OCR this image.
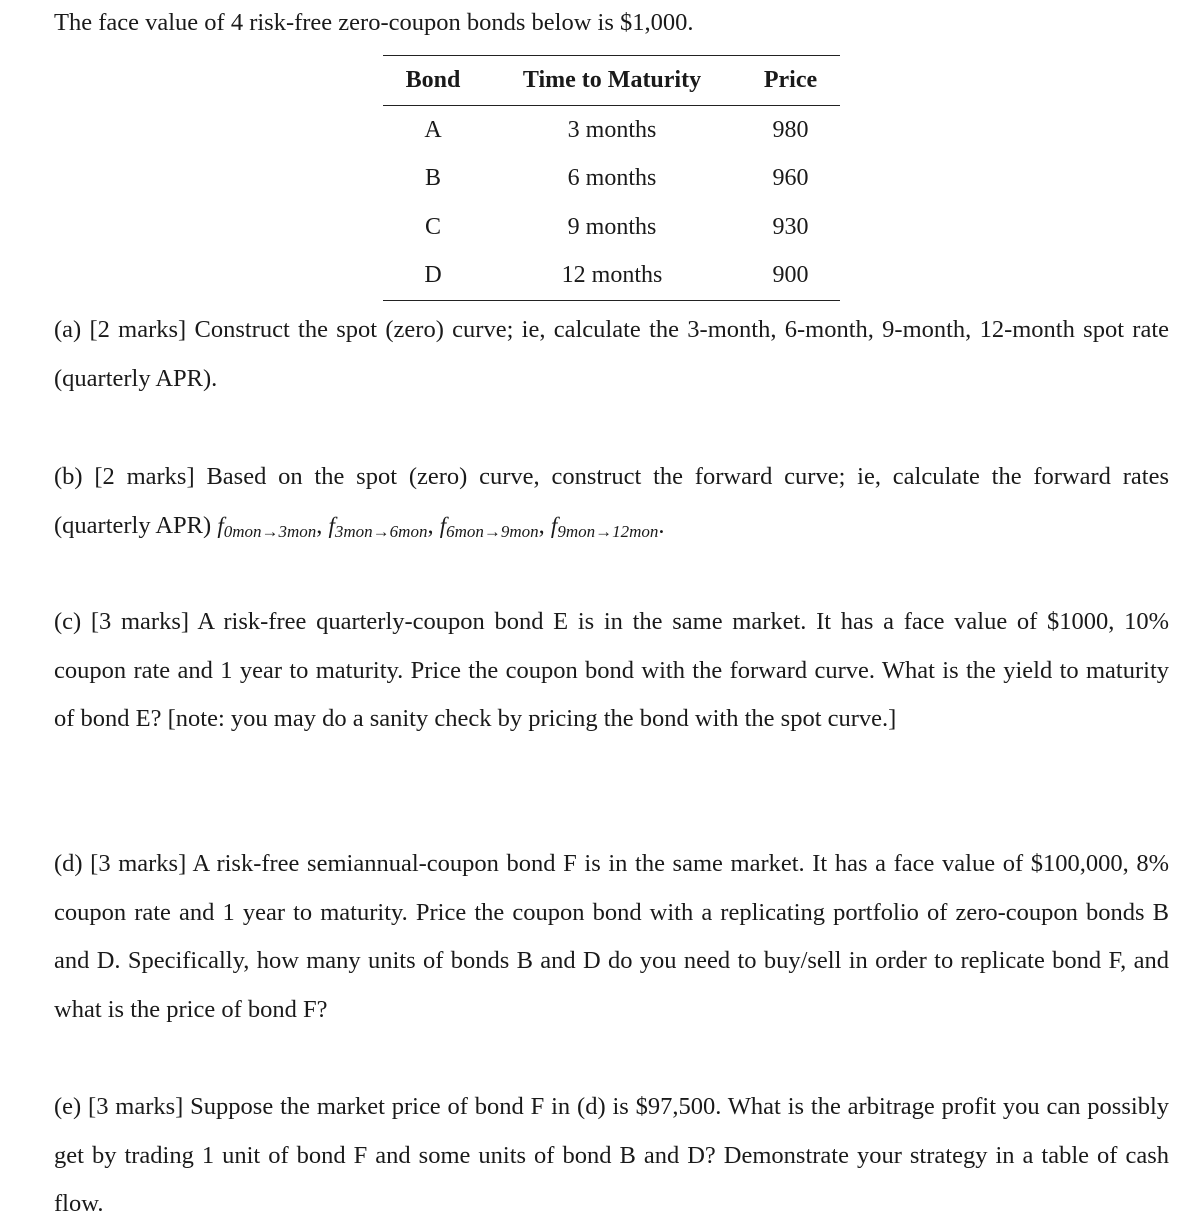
The face value of 4 risk-free zero-coupon bonds below is $1,000.
Bond	Time to Maturity	Price
A	3 months	980
B	6 months	960
C	9 months	930
D	12 months	900
(a) [2 marks] Construct the spot (zero) curve; ie, calculate the 3-month, 6-month, 9-month, 12-month spot rate (quarterly APR).
(b) [2 marks] Based on the spot (zero) curve, construct the forward curve; ie, calculate the forward rates (quarterly APR) $f_{0mon\to 3mon}$, $f_{3mon\to 6mon}$, $f_{6mon\to 9mon}$, $f_{9mon\to 12mon}$.
(c) [3 marks] A risk-free quarterly-coupon bond E is in the same market. It has a face value of $1000, 10% coupon rate and 1 year to maturity. Price the coupon bond with the forward curve. What is the yield to maturity of bond E? [note: you may do a sanity check by pricing the bond with the spot curve.]
(d) [3 marks] A risk-free semiannual-coupon bond F is in the same market. It has a face value of $100,000, 8% coupon rate and 1 year to maturity. Price the coupon bond with a replicating portfolio of zero-coupon bonds B and D. Specifically, how many units of bonds B and D do you need to buy/sell in order to replicate bond F, and what is the price of bond F?
(e) [3 marks] Suppose the market price of bond F in (d) is $97,500. What is the arbitrage profit you can possibly get by trading 1 unit of bond F and some units of bond B and D? Demonstrate your strategy in a table of cash flow.
